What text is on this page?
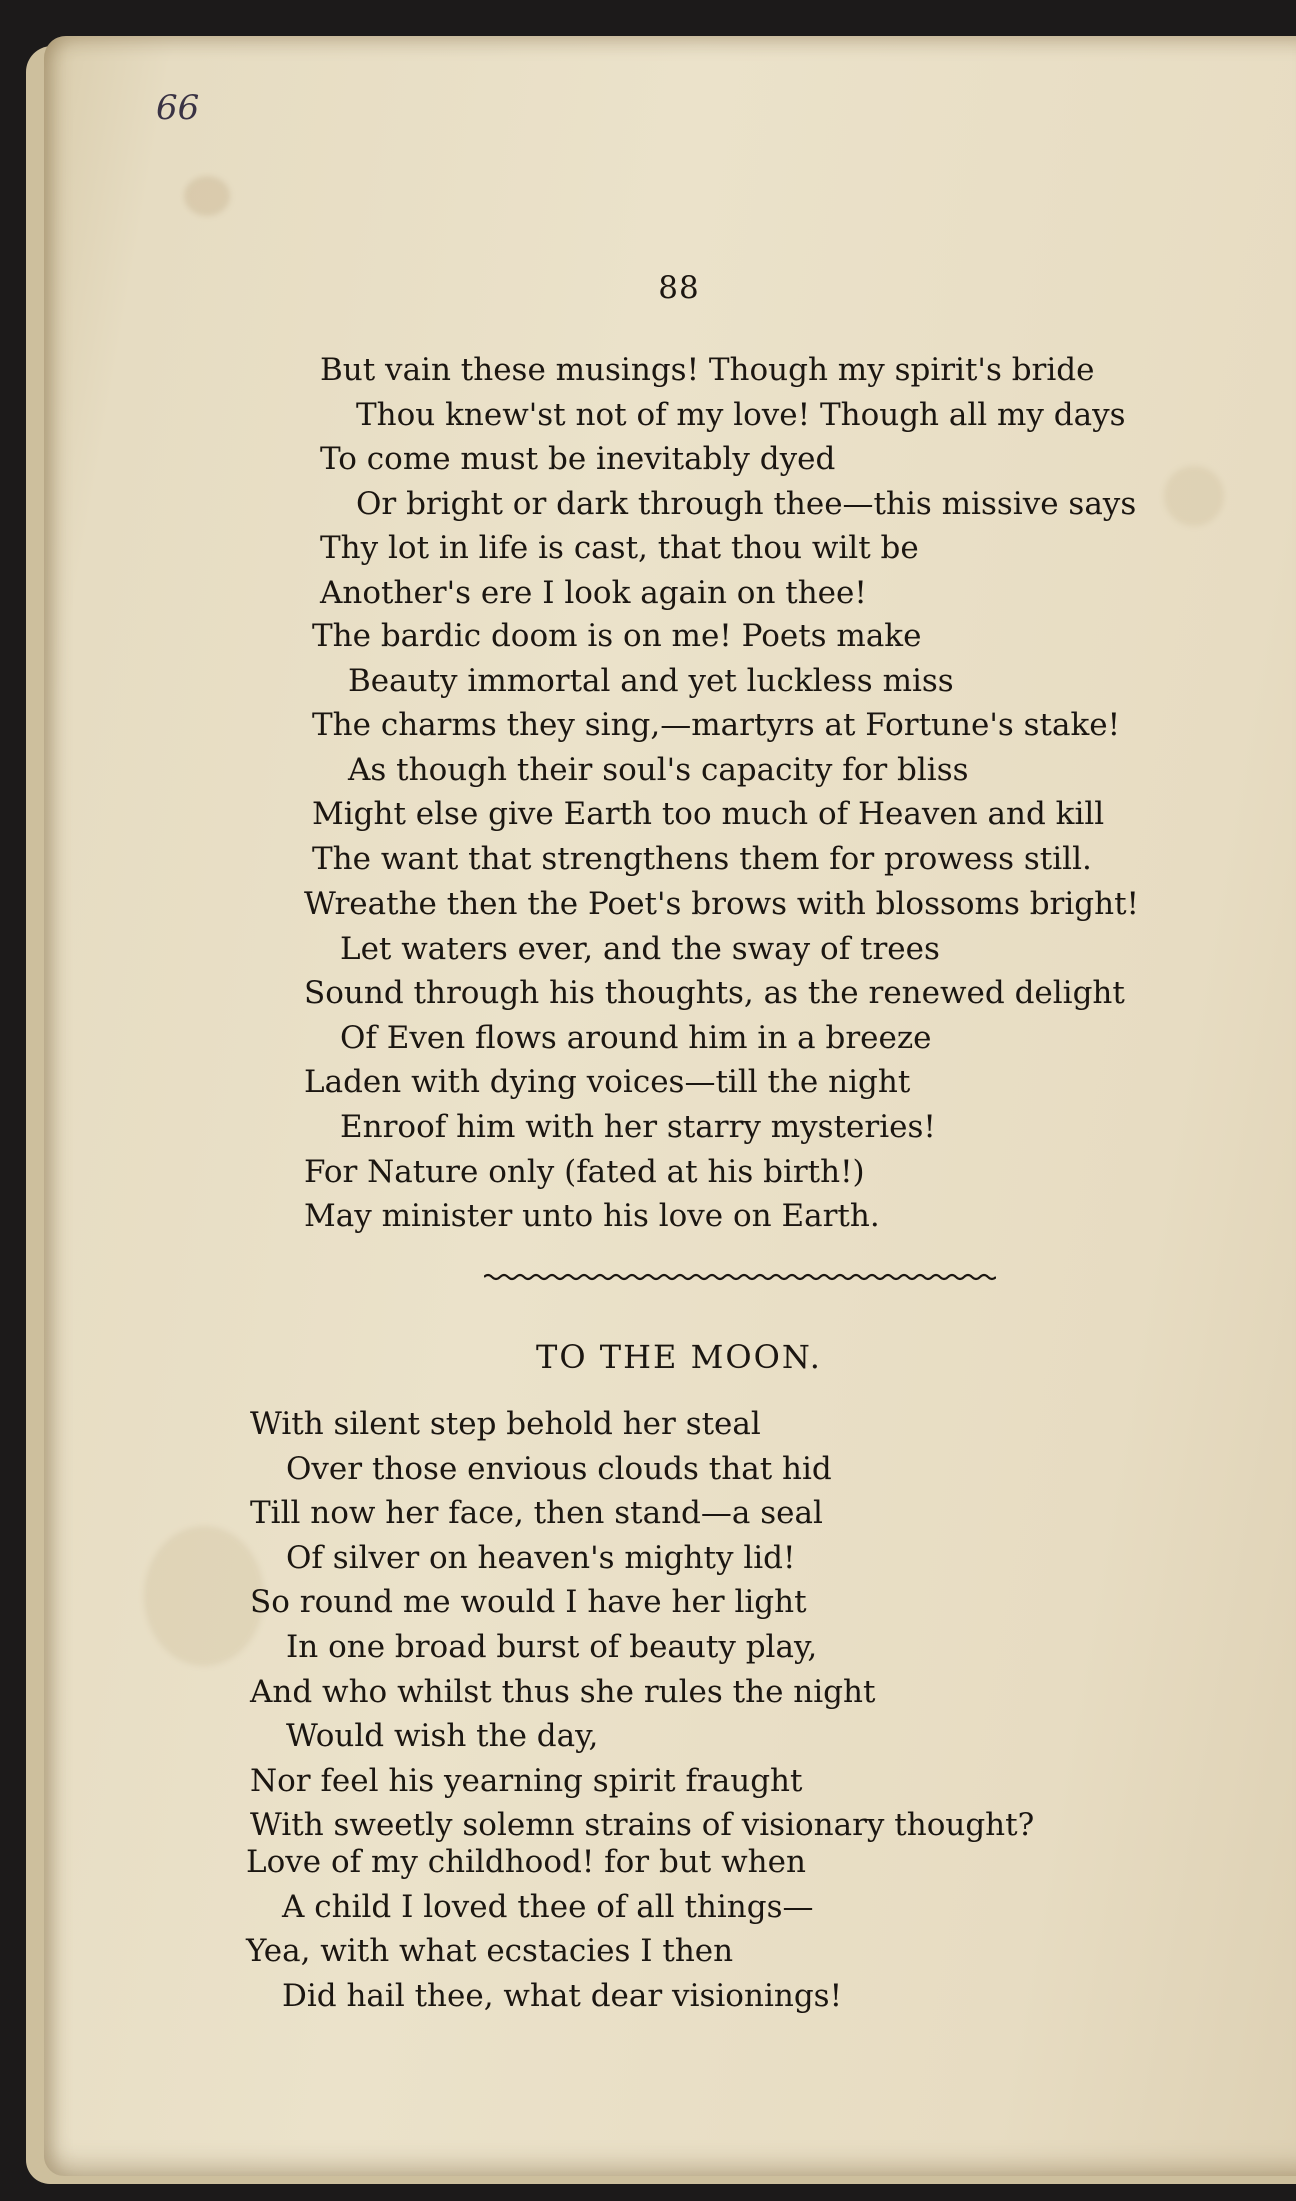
66
88
But vain these musings! Though my spirit's bride
Thou knew'st not of my love! Though all my days
To come must be inevitably dyed
Or bright or dark through thee—this missive says
Thy lot in life is cast, that thou wilt be
Another's ere I look again on thee!
The bardic doom is on me! Poets make
Beauty immortal and yet luckless miss
The charms they sing,—martyrs at Fortune's stake!
As though their soul's capacity for bliss
Might else give Earth too much of Heaven and kill
The want that strengthens them for prowess still.
Wreathe then the Poet's brows with blossoms bright!
Let waters ever, and the sway of trees
Sound through his thoughts, as the renewed delight
Of Even flows around him in a breeze
Laden with dying voices—till the night
Enroof him with her starry mysteries!
For Nature only (fated at his birth!)
May minister unto his love on Earth.
TO THE MOON.
With silent step behold her steal
Over those envious clouds that hid
Till now her face, then stand—a seal
Of silver on heaven's mighty lid!
So round me would I have her light
In one broad burst of beauty play,
And who whilst thus she rules the night
Would wish the day,
Nor feel his yearning spirit fraught
With sweetly solemn strains of visionary thought?
Love of my childhood! for but when
A child I loved thee of all things—
Yea, with what ecstacies I then
Did hail thee, what dear visionings!
